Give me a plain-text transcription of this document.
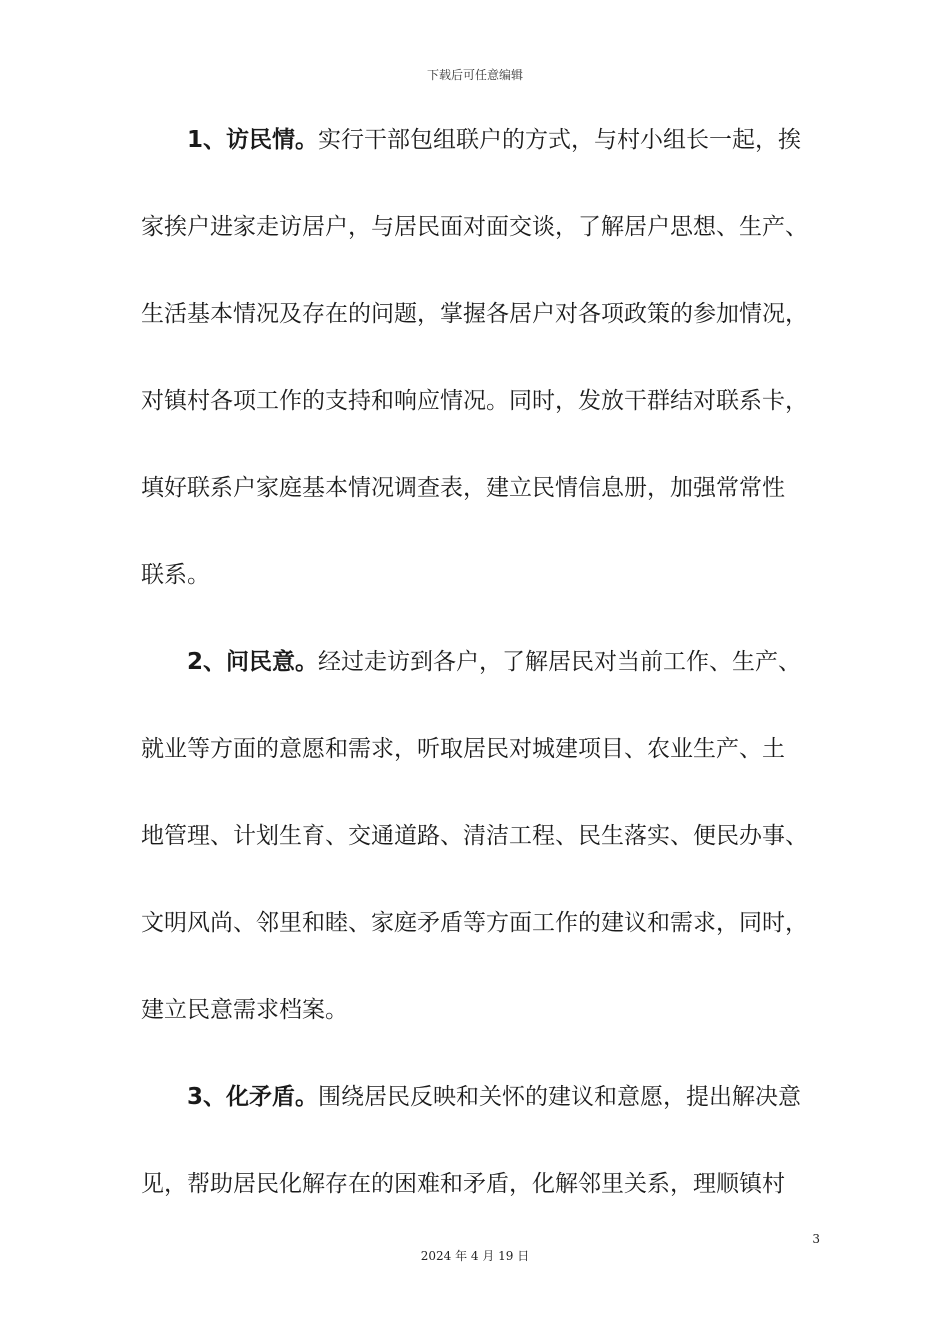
下载后可任意编辑
1、访民情。实行干部包组联户的方式，与村小组长一起，挨
家挨户进家走访居户，与居民面对面交谈，了解居户思想、生产、
生活基本情况及存在的问题，掌握各居户对各项政策的参加情况，
对镇村各项工作的支持和响应情况。同时，发放干群结对联系卡，
填好联系户家庭基本情况调查表，建立民情信息册，加强常常性
联系。
2、问民意。经过走访到各户，了解居民对当前工作、生产、
就业等方面的意愿和需求，听取居民对城建项目、农业生产、土
地管理、计划生育、交通道路、清洁工程、民生落实、便民办事、
文明风尚、邻里和睦、家庭矛盾等方面工作的建议和需求，同时，
建立民意需求档案。
3、化矛盾。围绕居民反映和关怀的建议和意愿，提出解决意
见，帮助居民化解存在的困难和矛盾，化解邻里关系，理顺镇村
3
2024 年 4 月 19 日
